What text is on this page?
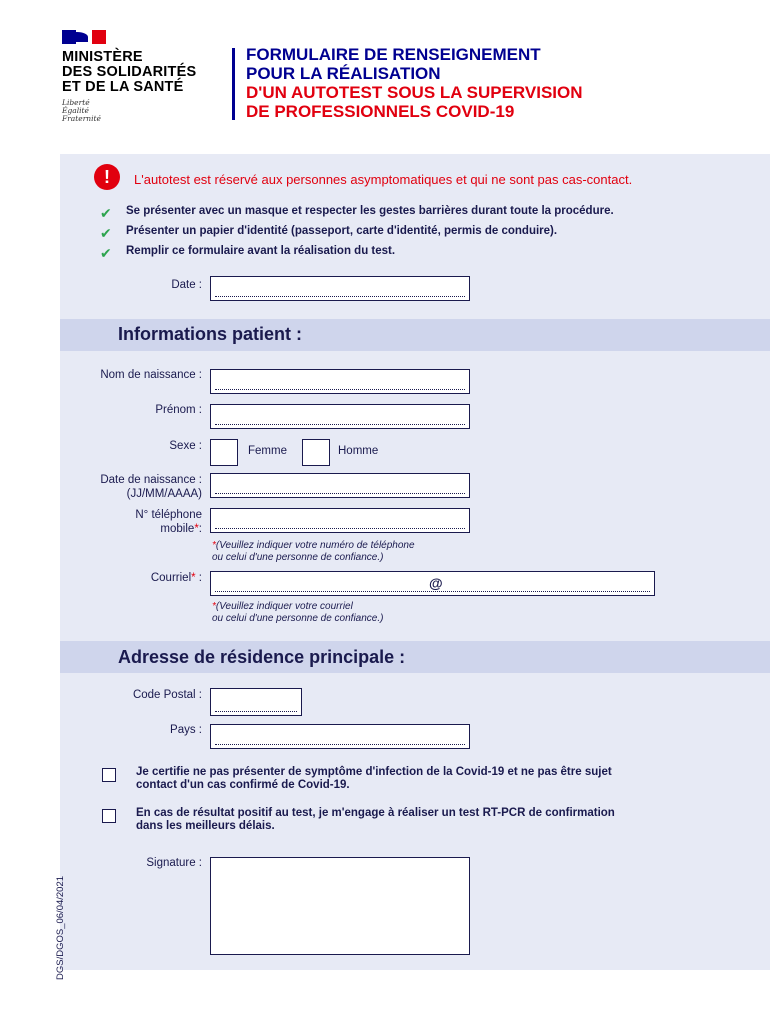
MINISTÈRE
DES SOLIDARITÉS
ET DE LA SANTÉ
Liberté
Égalité
Fraternité
FORMULAIRE DE RENSEIGNEMENT
POUR LA RÉALISATION
D'UN AUTOTEST SOUS LA SUPERVISION
DE PROFESSIONNELS COVID-19
!	L'autotest est réservé aux personnes asymptomatiques et qui ne sont pas cas-contact.
✔ Se présenter avec un masque et respecter les gestes barrières durant toute la procédure.
✔ Présenter un papier d'identité (passeport, carte d'identité, permis de conduire).
✔ Remplir ce formulaire avant la réalisation du test.
Date :
Informations patient :
Nom de naissance :
Prénom :
Sexe :	Femme	Homme
Date de naissance :
(JJ/MM/AAAA)
N° téléphone
mobile*:
*(Veuillez indiquer votre numéro de téléphone
ou celui d'une personne de confiance.)
Courriel* :	@
*(Veuillez indiquer votre courriel
ou celui d'une personne de confiance.)
Adresse de résidence principale :
Code Postal :
Pays :
Je certifie ne pas présenter de symptôme d'infection de la Covid-19 et ne pas être sujet
contact d'un cas confirmé de Covid-19.
En cas de résultat positif au test, je m'engage à réaliser un test RT-PCR de confirmation
dans les meilleurs délais.
Signature :
DGS/DGOS_06/04/2021
